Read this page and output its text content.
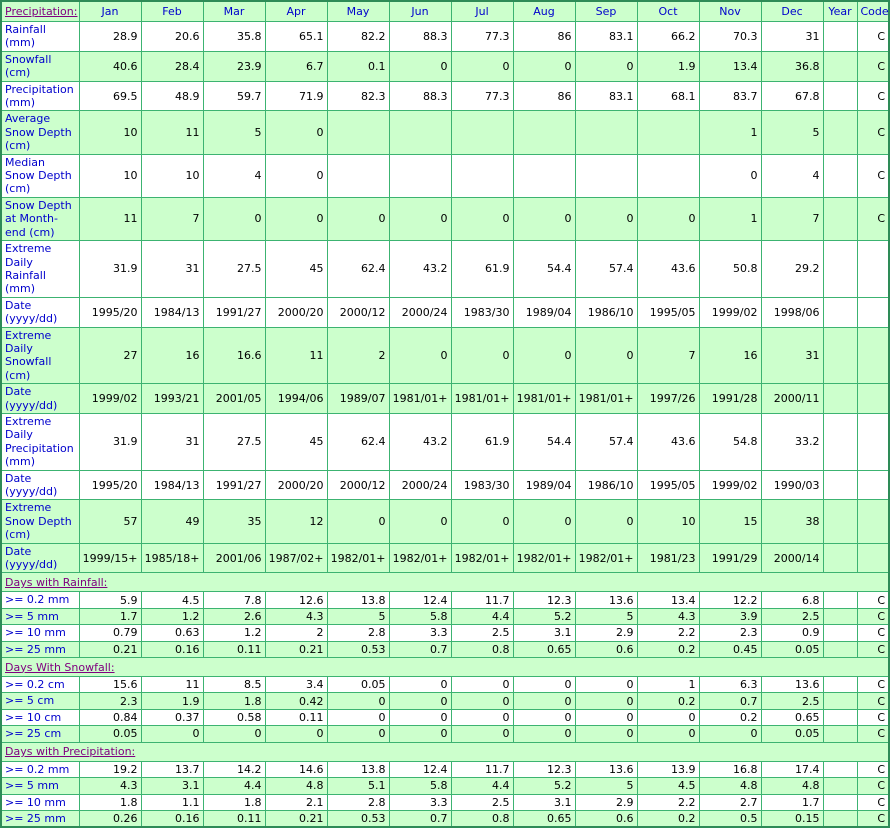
Precipitation:	Jan	Feb	Mar	Apr	May	Jun	Jul	Aug	Sep	Oct	Nov	Dec	Year	Code
Rainfall (mm)	28.9	20.6	35.8	65.1	82.2	88.3	77.3	86	83.1	66.2	70.3	31		C
Snowfall (cm)	40.6	28.4	23.9	6.7	0.1	0	0	0	0	1.9	13.4	36.8		C
Precipitation (mm)	69.5	48.9	59.7	71.9	82.3	88.3	77.3	86	83.1	68.1	83.7	67.8		C
Average Snow Depth (cm)	10	11	5	0							1	5		C
Median Snow Depth (cm)	10	10	4	0							0	4		C
Snow Depth at Month-end (cm)	11	7	0	0	0	0	0	0	0	0	1	7		C
Extreme Daily Rainfall (mm)	31.9	31	27.5	45	62.4	43.2	61.9	54.4	57.4	43.6	50.8	29.2		
Date (yyyy/dd)	1995/20	1984/13	1991/27	2000/20	2000/12	2000/24	1983/30	1989/04	1986/10	1995/05	1999/02	1998/06		
Extreme Daily Snowfall (cm)	27	16	16.6	11	2	0	0	0	0	7	16	31		
Date (yyyy/dd)	1999/02	1993/21	2001/05	1994/06	1989/07	1981/01+	1981/01+	1981/01+	1981/01+	1997/26	1991/28	2000/11		
Extreme Daily Precipitation (mm)	31.9	31	27.5	45	62.4	43.2	61.9	54.4	57.4	43.6	54.8	33.2		
Date (yyyy/dd)	1995/20	1984/13	1991/27	2000/20	2000/12	2000/24	1983/30	1989/04	1986/10	1995/05	1999/02	1990/03		
Extreme Snow Depth (cm)	57	49	35	12	0	0	0	0	0	10	15	38		
Date (yyyy/dd)	1999/15+	1985/18+	2001/06	1987/02+	1982/01+	1982/01+	1982/01+	1982/01+	1982/01+	1981/23	1991/29	2000/14		
Days with Rainfall:														
>= 0.2 mm	5.9	4.5	7.8	12.6	13.8	12.4	11.7	12.3	13.6	13.4	12.2	6.8		C
>= 5 mm	1.7	1.2	2.6	4.3	5	5.8	4.4	5.2	5	4.3	3.9	2.5		C
>= 10 mm	0.79	0.63	1.2	2	2.8	3.3	2.5	3.1	2.9	2.2	2.3	0.9		C
>= 25 mm	0.21	0.16	0.11	0.21	0.53	0.7	0.8	0.65	0.6	0.2	0.45	0.05		C
Days With Snowfall:														
>= 0.2 cm	15.6	11	8.5	3.4	0.05	0	0	0	0	1	6.3	13.6		C
>= 5 cm	2.3	1.9	1.8	0.42	0	0	0	0	0	0.2	0.7	2.5		C
>= 10 cm	0.84	0.37	0.58	0.11	0	0	0	0	0	0	0.2	0.65		C
>= 25 cm	0.05	0	0	0	0	0	0	0	0	0	0	0.05		C
Days with Precipitation:														
>= 0.2 mm	19.2	13.7	14.2	14.6	13.8	12.4	11.7	12.3	13.6	13.9	16.8	17.4		C
>= 5 mm	4.3	3.1	4.4	4.8	5.1	5.8	4.4	5.2	5	4.5	4.8	4.8		C
>= 10 mm	1.8	1.1	1.8	2.1	2.8	3.3	2.5	3.1	2.9	2.2	2.7	1.7		C
>= 25 mm	0.26	0.16	0.11	0.21	0.53	0.7	0.8	0.65	0.6	0.2	0.5	0.15		C
